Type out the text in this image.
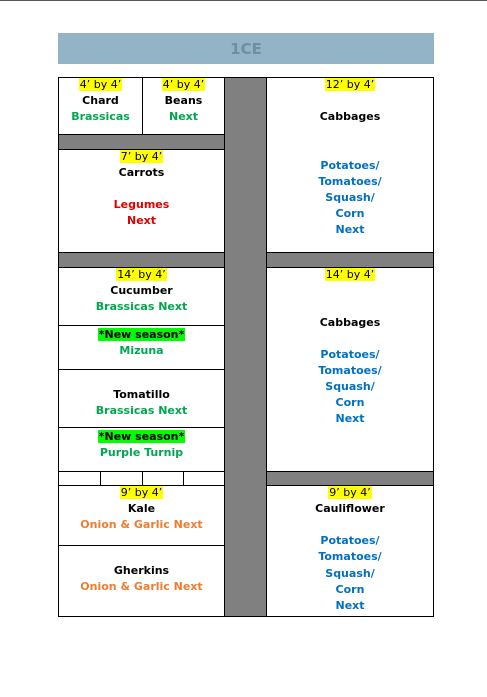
1CE
4’ by 4’
Chard
Brassicas
4’ by 4’
Beans
Next
7’ by 4’
Carrots
Legumes
Next
14’ by 4’
Cucumber
Brassicas Next
*New season*
Mizuna
Tomatillo
Brassicas Next
*New season*
Purple Turnip
9’ by 4’
Kale
Onion & Garlic Next
Gherkins
Onion & Garlic Next
12’ by 4’
Cabbages
Potatoes/
Tomatoes/
Squash/
Corn
Next
14’ by 4’
Cabbages
Potatoes/
Tomatoes/
Squash/
Corn
Next
9’ by 4’
Cauliflower
Potatoes/
Tomatoes/
Squash/
Corn
Next
